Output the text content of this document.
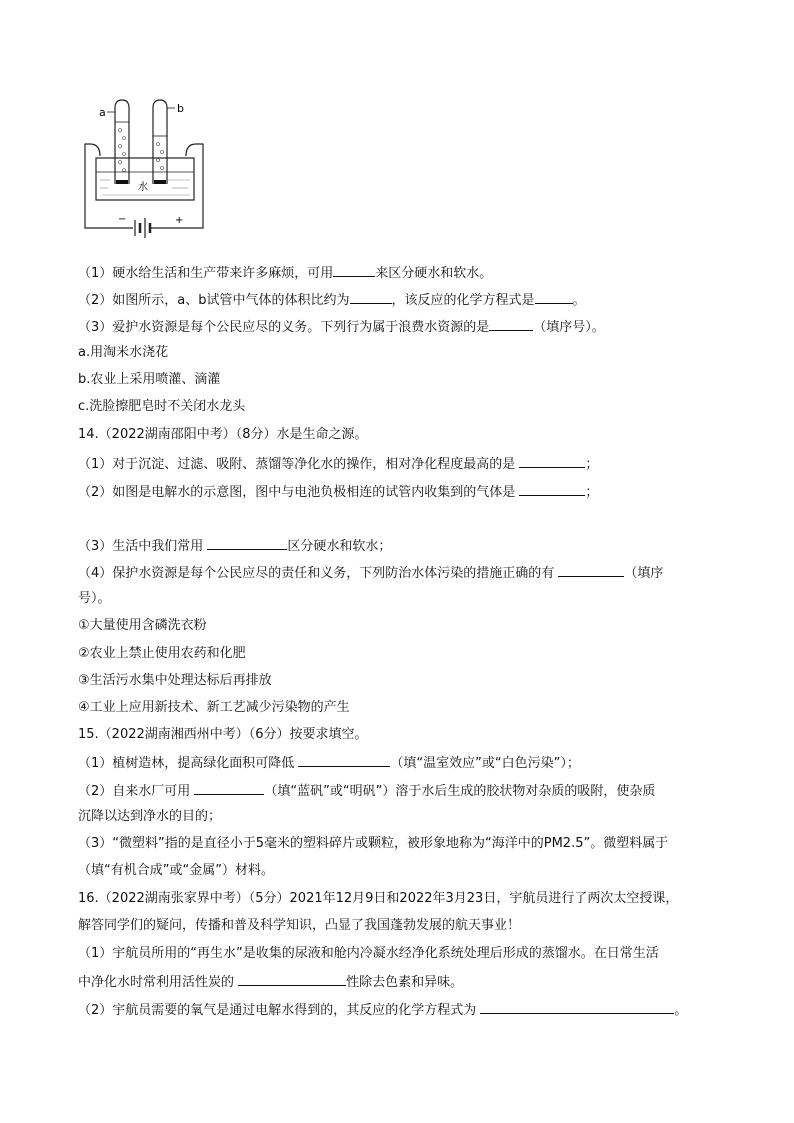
−	+
水
a	b
（1）硬水给生活和生产带来许多麻烦，可用	来区分硬水和软水。
（2）如图所示，a、b试管中气体的体积比约为	，该反应的化学方程式是	。
（3）爱护水资源是每个公民应尽的义务。下列行为属于浪费水资源的是	（填序号）。
a.用淘米水浇花
b.农业上采用喷灌、滴灌
c.洗脸擦肥皂时不关闭水龙头
14.（2022湖南邵阳中考）（8分）水是生命之源。
（1）对于沉淀、过滤、吸附、蒸馏等净化水的操作，相对净化程度最高的是	；
（2）如图是电解水的示意图，图中与电池负极相连的试管内收集到的气体是	；
（3）生活中我们常用	区分硬水和软水；
（4）保护水资源是每个公民应尽的责任和义务，下列防治水体污染的措施正确的有	（填序
号）。
①大量使用含磷洗衣粉
②农业上禁止使用农药和化肥
③生活污水集中处理达标后再排放
④工业上应用新技术、新工艺减少污染物的产生
15.（2022湖南湘西州中考）（6分）按要求填空。
（1）植树造林，提高绿化面积可降低	（填“温室效应”或“白色污染”）；
（2）自来水厂可用	（填“蓝矾”或“明矾”）溶于水后生成的胶状物对杂质的吸附，使杂质
沉降以达到净水的目的；
（3）“微塑料”指的是直径小于5毫米的塑料碎片或颗粒，被形象地称为“海洋中的PM2.5”。微塑料属于
（填“有机合成”或“金属”）材料。
16.（2022湖南张家界中考）（5分）2021年12月9日和2022年3月23日，宇航员进行了两次太空授课，
解答同学们的疑问，传播和普及科学知识，凸显了我国蓬勃发展的航天事业！
（1）宇航员所用的“再生水”是收集的尿液和舱内冷凝水经净化系统处理后形成的蒸馏水。在日常生活
中净化水时常利用活性炭的	性除去色素和异味。
（2）宇航员需要的氧气是通过电解水得到的，其反应的化学方程式为	。
